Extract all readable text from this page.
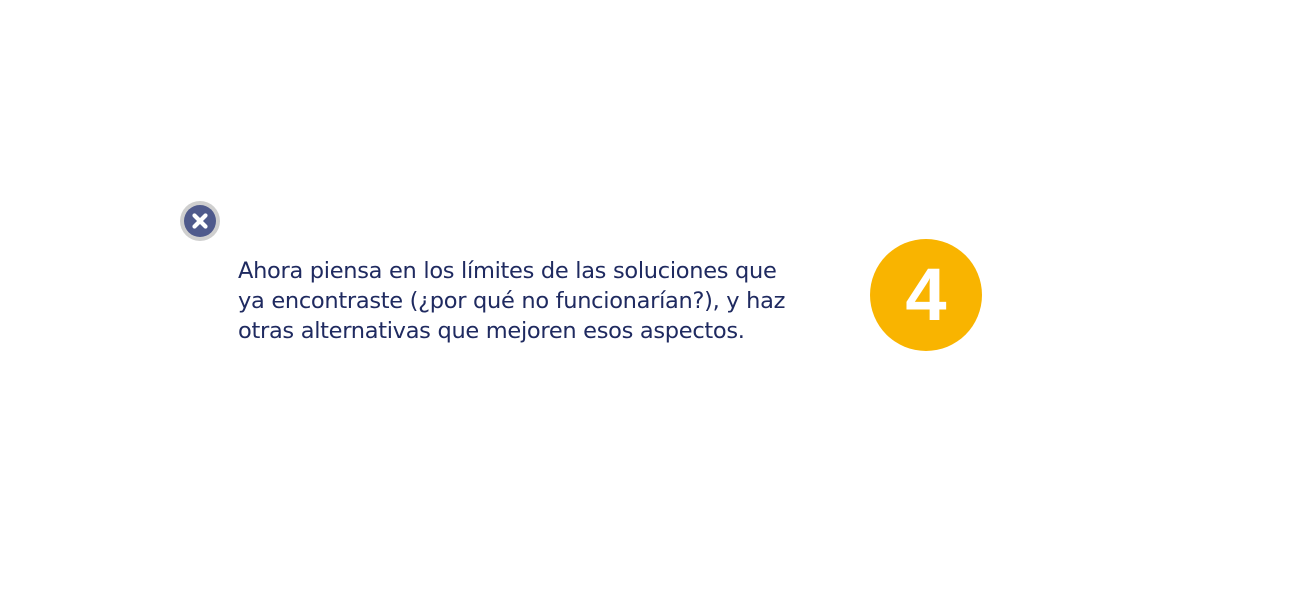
Ahora piensa en los límites de las soluciones que ya encontraste (¿por qué no funcionarían?), y haz otras alternativas que mejoren esos aspectos.	4
